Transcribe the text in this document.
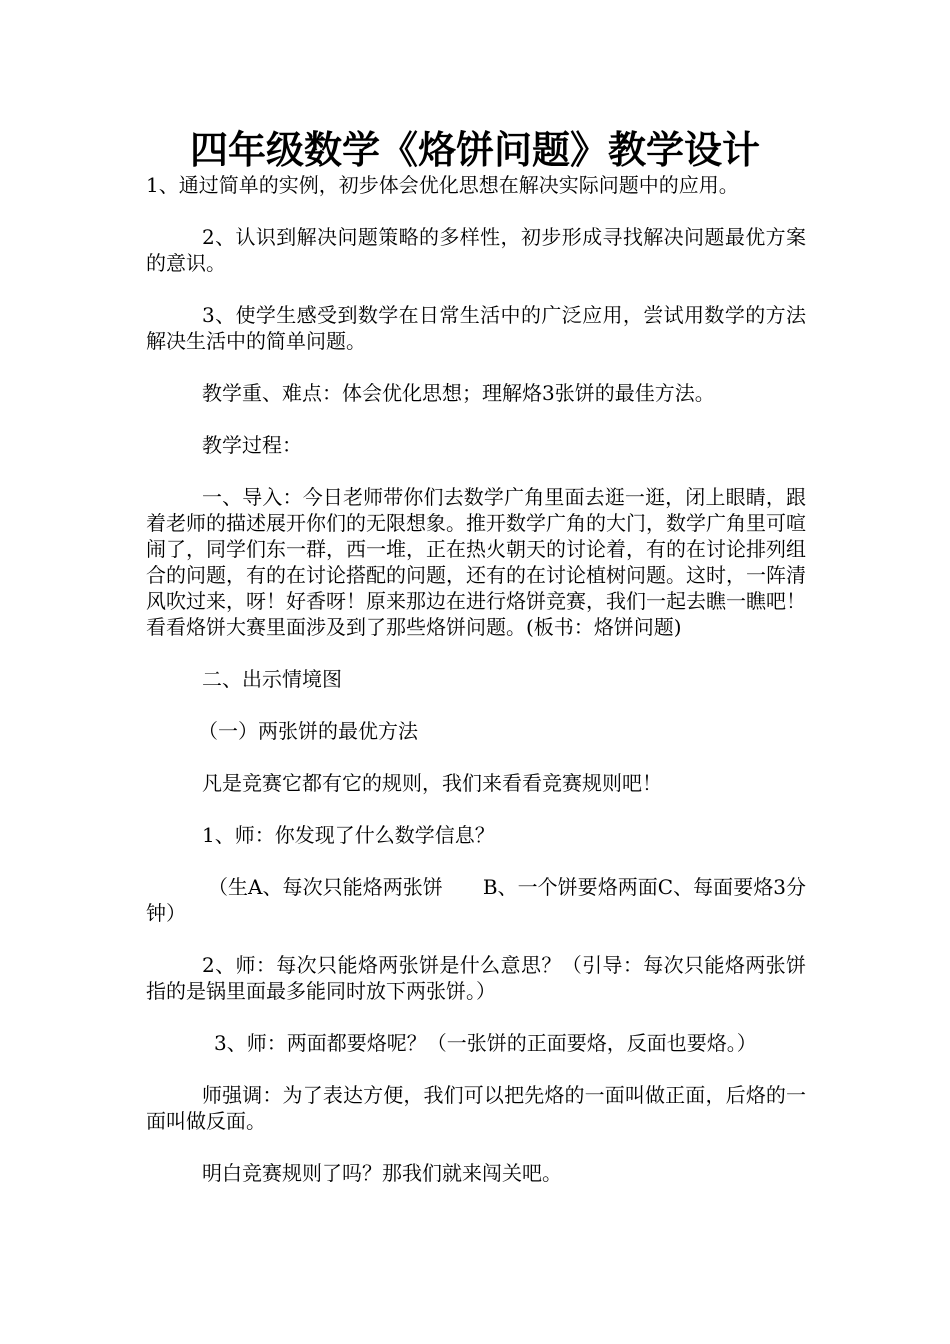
四年级数学《烙饼问题》教学设计

1、通过简单的实例，初步体会优化思想在解决实际问题中的应用。

2、认识到解决问题策略的多样性，初步形成寻找解决问题最优方案的意识。

3、使学生感受到数学在日常生活中的广泛应用，尝试用数学的方法解决生活中的简单问题。

教学重、难点：体会优化思想；理解烙3张饼的最佳方法。

教学过程：

一、导入：今日老师带你们去数学广角里面去逛一逛，闭上眼睛，跟着老师的描述展开你们的无限想象。推开数学广角的大门，数学广角里可喧闹了，同学们东一群，西一堆，正在热火朝天的讨论着，有的在讨论排列组合的问题，有的在讨论搭配的问题，还有的在讨论植树问题。这时，一阵清风吹过来，呀！好香呀！原来那边在进行烙饼竞赛，我们一起去瞧一瞧吧！看看烙饼大赛里面涉及到了那些烙饼问题。(板书：烙饼问题)

二、出示情境图

（一）两张饼的最优方法

凡是竞赛它都有它的规则，我们来看看竞赛规则吧！

1、师：你发现了什么数学信息？

（生A、每次只能烙两张饼　　B、一个饼要烙两面C、每面要烙3分钟）

2、师：每次只能烙两张饼是什么意思？（引导：每次只能烙两张饼指的是锅里面最多能同时放下两张饼。）

3、师：两面都要烙呢？（一张饼的正面要烙，反面也要烙。）

师强调：为了表达方便，我们可以把先烙的一面叫做正面，后烙的一面叫做反面。

明白竞赛规则了吗？那我们就来闯关吧。
